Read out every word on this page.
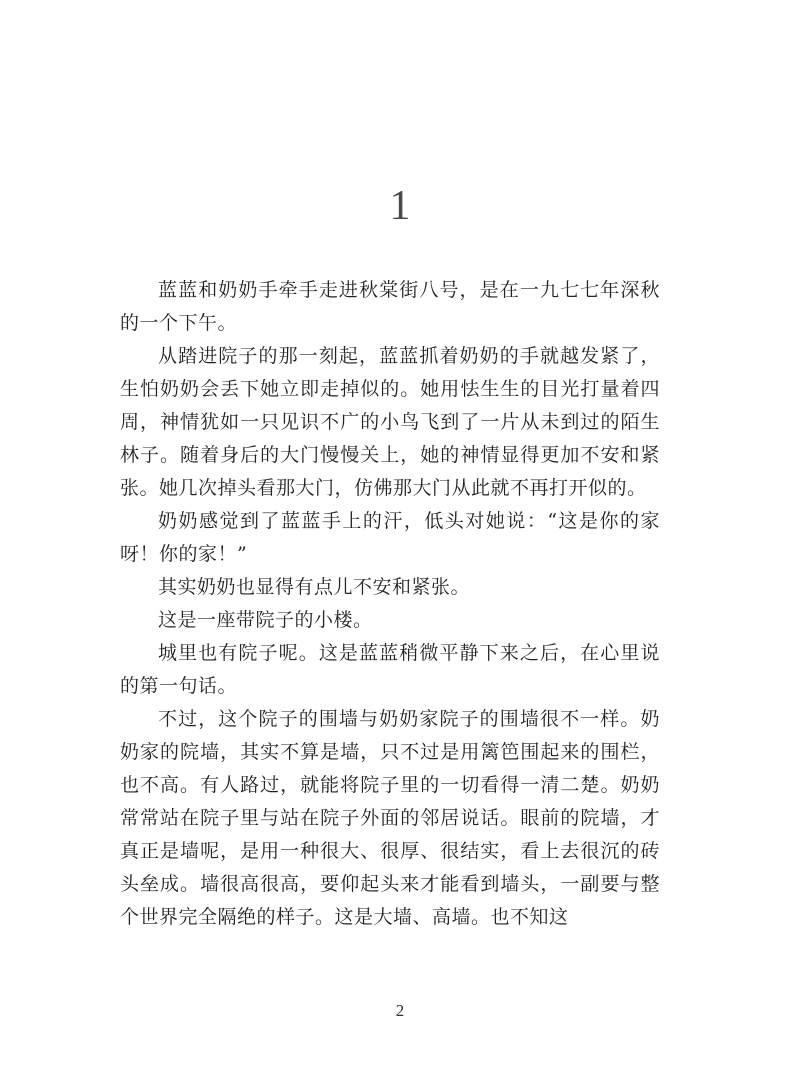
1

蓝蓝和奶奶手牵手走进秋棠街八号，是在一九七七年深秋的一个下午。

从踏进院子的那一刻起，蓝蓝抓着奶奶的手就越发紧了，生怕奶奶会丢下她立即走掉似的。她用怯生生的目光打量着四周，神情犹如一只见识不广的小鸟飞到了一片从未到过的陌生林子。随着身后的大门慢慢关上，她的神情显得更加不安和紧张。她几次掉头看那大门，仿佛那大门从此就不再打开似的。

奶奶感觉到了蓝蓝手上的汗，低头对她说：“这是你的家呀！你的家！”

其实奶奶也显得有点儿不安和紧张。

这是一座带院子的小楼。

城里也有院子呢。这是蓝蓝稍微平静下来之后，在心里说的第一句话。

不过，这个院子的围墙与奶奶家院子的围墙很不一样。奶奶家的院墙，其实不算是墙，只不过是用篱笆围起来的围栏，也不高。有人路过，就能将院子里的一切看得一清二楚。奶奶常常站在院子里与站在院子外面的邻居说话。眼前的院墙，才真正是墙呢，是用一种很大、很厚、很结实，看上去很沉的砖头垒成。墙很高很高，要仰起头来才能看到墙头，一副要与整个世界完全隔绝的样子。这是大墙、高墙。也不知这

2
